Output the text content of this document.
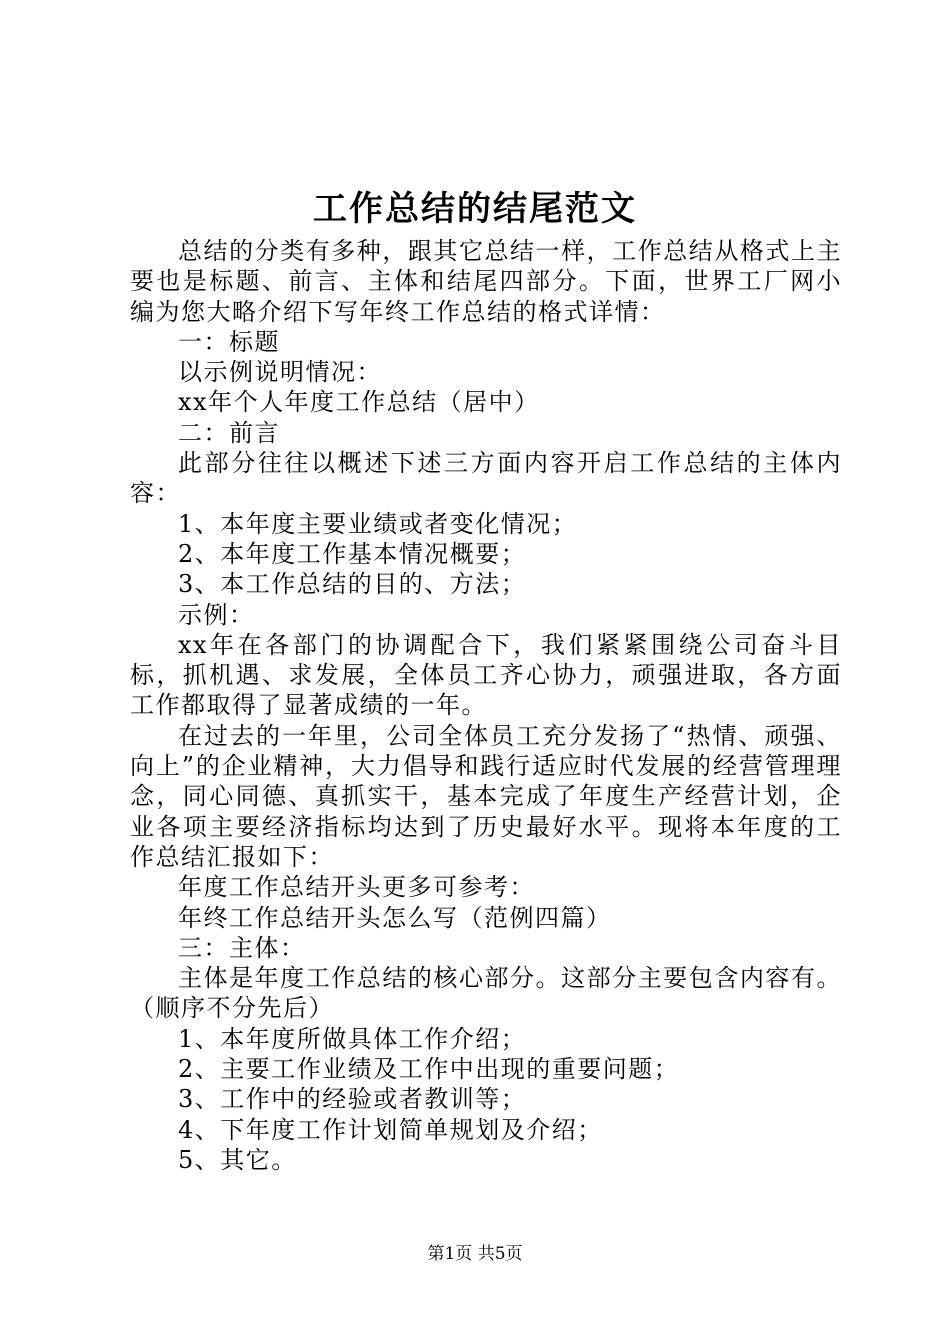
工作总结的结尾范文

总结的分类有多种，跟其它总结一样，工作总结从格式上主要也是标题、前言、主体和结尾四部分。下面，世界工厂网小编为您大略介绍下写年终工作总结的格式详情：

一：标题

以示例说明情况：

xx年个人年度工作总结（居中）

二：前言

此部分往往以概述下述三方面内容开启工作总结的主体内容：

1、本年度主要业绩或者变化情况；

2、本年度工作基本情况概要；

3、本工作总结的目的、方法；

示例：

xx年在各部门的协调配合下，我们紧紧围绕公司奋斗目标，抓机遇、求发展，全体员工齐心协力，顽强进取，各方面工作都取得了显著成绩的一年。

在过去的一年里，公司全体员工充分发扬了“热情、顽强、向上”的企业精神，大力倡导和践行适应时代发展的经营管理理念，同心同德、真抓实干，基本完成了年度生产经营计划，企业各项主要经济指标均达到了历史最好水平。现将本年度的工作总结汇报如下：

年度工作总结开头更多可参考：

年终工作总结开头怎么写（范例四篇）

三：主体：

主体是年度工作总结的核心部分。这部分主要包含内容有。（顺序不分先后）

1、本年度所做具体工作介绍；

2、主要工作业绩及工作中出现的重要问题；

3、工作中的经验或者教训等；

4、下年度工作计划简单规划及介绍；

5、其它。

第1页 共5页
